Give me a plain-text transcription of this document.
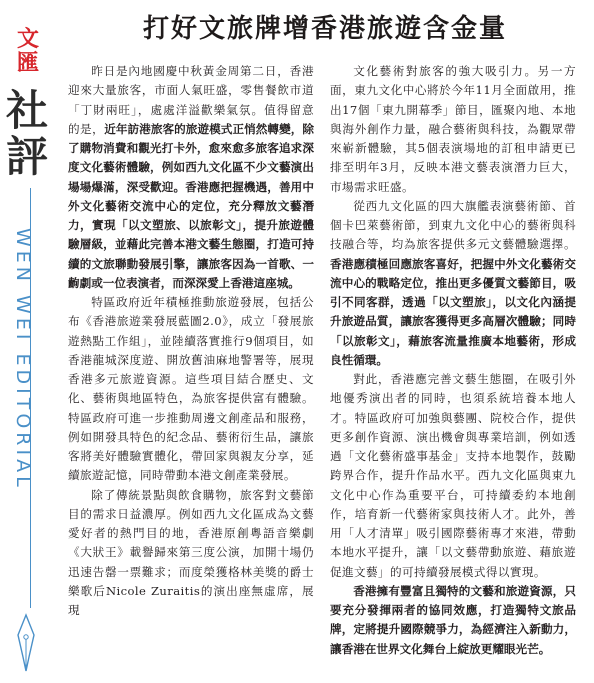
文
匯
社
評
WEN WEI EDITORIAL
打好文旅牌增香港旅遊含金量

昨日是內地國慶中秋黃金周第二日，香港迎來大量旅客，市面人氣旺盛，零售餐飲市道「丁財兩旺」，處處洋溢歡樂氣氛。值得留意的是，近年訪港旅客的旅遊模式正悄然轉變，除了購物消費和觀光打卡外，愈來愈多旅客追求深度文化藝術體驗，例如西九文化區不少文藝演出場場爆滿，深受歡迎。香港應把握機遇，善用中外文化藝術交流中心的定位，充分釋放文藝潛力，實現「以文塑旅、以旅彰文」，提升旅遊體驗層級，並藉此完善本港文藝生態圈，打造可持續的文旅聯動發展引擎，讓旅客因為一首歌、一齣劇或一位表演者，而深深愛上香港這座城。

特區政府近年積極推動旅遊發展，包括公布《香港旅遊業發展藍圖2.0》，成立「發展旅遊熱點工作組」，並陸續落實推行9個項目，如香港龍城深度遊、開放舊油麻地警署等，展現香港多元旅遊資源。這些項目結合歷史、文化、藝術與地區特色，為旅客提供富有體驗。特區政府可進一步推動周邊文創產品和服務，例如開發具特色的紀念品、藝術衍生品，讓旅客將美好體驗實體化，帶回家與親友分享，延續旅遊記憶，同時帶動本港文創產業發展。

除了傳統景點與飲食購物，旅客對文藝節目的需求日益濃厚。例如西九文化區成為文藝愛好者的熱門目的地，香港原創粵語音樂劇《大狀王》載譽歸來第三度公演，加開十場仍迅速告罄一票難求；而度榮獲格林美獎的爵士樂歌后Nicole Zuraitis的演出座無虛席，展現

文化藝術對旅客的強大吸引力。另一方面，東九文化中心將於今年11月全面啟用，推出17個「東九開幕季」節目，匯聚內地、本地與海外創作力量，融合藝術與科技，為觀眾帶來嶄新體驗，其5個表演場地的訂租申請更已排至明年3月，反映本港文藝表演潛力巨大，市場需求旺盛。

從西九文化區的四大旗艦表演藝術節、首個卡巴萊藝術節，到東九文化中心的藝術與科技融合等，均為旅客提供多元文藝體驗選擇。香港應積極回應旅客喜好，把握中外文化藝術交流中心的戰略定位，推出更多優質文藝節目，吸引不同客群，透過「以文塑旅」，以文化內涵提升旅遊品質，讓旅客獲得更多高層次體驗；同時「以旅彰文」，藉旅客流量推廣本地藝術，形成良性循環。

對此，香港應完善文藝生態圈，在吸引外地優秀演出者的同時，也須系統培養本地人才。特區政府可加強與藝團、院校合作，提供更多創作資源、演出機會與專業培訓，例如透過「文化藝術盛事基金」支持本地製作，鼓勵跨界合作，提升作品水平。西九文化區與東九文化中心作為重要平台，可持續委約本地創作，培育新一代藝術家與技術人才。此外，善用「人才清單」吸引國際藝術專才來港，帶動本地水平提升，讓「以文藝帶動旅遊、藉旅遊促進文藝」的可持續發展模式得以實現。

香港擁有豐富且獨特的文藝和旅遊資源，只要充分發揮兩者的協同效應，打造獨特文旅品牌，定將提升國際競爭力，為經濟注入新動力，讓香港在世界文化舞台上綻放更耀眼光芒。
